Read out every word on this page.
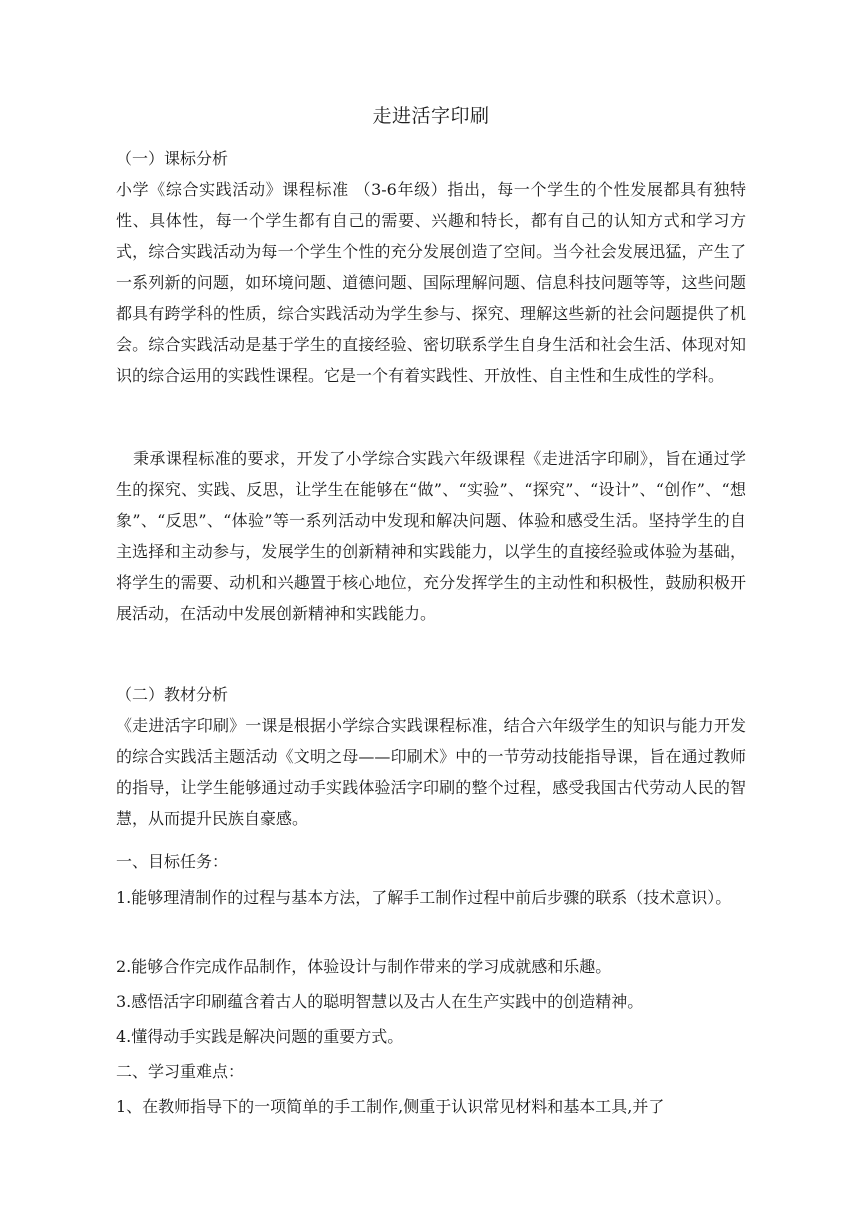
走进活字印刷

（一）课标分析

小学《综合实践活动》课程标准 （3-6年级）指出，每一个学生的个性发展都具有独特性、具体性，每一个学生都有自己的需要、兴趣和特长，都有自己的认知方式和学习方式，综合实践活动为每一个学生个性的充分发展创造了空间。当今社会发展迅猛，产生了一系列新的问题，如环境问题、道德问题、国际理解问题、信息科技问题等等，这些问题都具有跨学科的性质，综合实践活动为学生参与、探究、理解这些新的社会问题提供了机会。综合实践活动是基于学生的直接经验、密切联系学生自身生活和社会生活、体现对知识的综合运用的实践性课程。它是一个有着实践性、开放性、自主性和生成性的学科。

秉承课程标准的要求，开发了小学综合实践六年级课程《走进活字印刷》，旨在通过学生的探究、实践、反思，让学生在能够在“做”、“实验”、“探究”、“设计”、“创作”、“想象”、“反思”、“体验”等一系列活动中发现和解决问题、体验和感受生活。坚持学生的自主选择和主动参与，发展学生的创新精神和实践能力，以学生的直接经验或体验为基础，将学生的需要、动机和兴趣置于核心地位，充分发挥学生的主动性和积极性，鼓励积极开展活动，在活动中发展创新精神和实践能力。

（二）教材分析

《走进活字印刷》一课是根据小学综合实践课程标准，结合六年级学生的知识与能力开发的综合实践活主题活动《文明之母——印刷术》中的一节劳动技能指导课，旨在通过教师的指导，让学生能够通过动手实践体验活字印刷的整个过程，感受我国古代劳动人民的智慧，从而提升民族自豪感。

一、目标任务：

1.能够理清制作的过程与基本方法，了解手工制作过程中前后步骤的联系（技术意识）。

2.能够合作完成作品制作，体验设计与制作带来的学习成就感和乐趣。

3.感悟活字印刷蕴含着古人的聪明智慧以及古人在生产实践中的创造精神。

4.懂得动手实践是解决问题的重要方式。

二、学习重难点：

1、在教师指导下的一项简单的手工制作,侧重于认识常见材料和基本工具,并了
